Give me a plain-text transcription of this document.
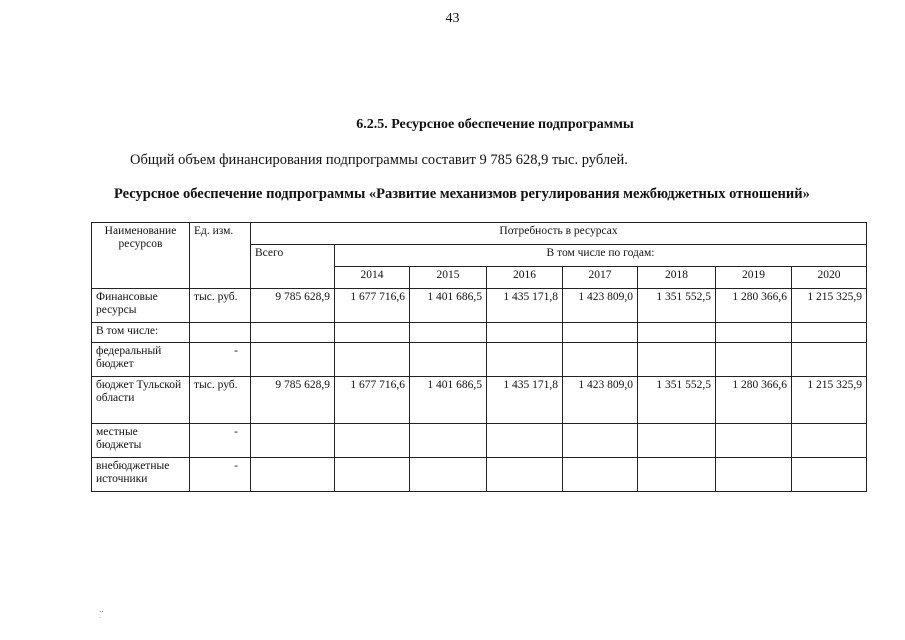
43
6.2.5. Ресурсное обеспечение подпрограммы
Общий объем финансирования подпрограммы составит 9 785 628,9 тыс. рублей.
Ресурсное обеспечение подпрограммы «Развитие механизмов регулирования межбюджетных отношений»
Наименование ресурсов	Ед. изм.	Потребность в ресурсах							
		Всего	В том числе по годам:						
			2014	2015	2016	2017	2018	2019	2020
Финансовые ресурсы	тыс. руб.	9 785 628,9	1 677 716,6	1 401 686,5	1 435 171,8	1 423 809,0	1 351 552,5	1 280 366,6	1 215 325,9
В том числе:									
федеральный бюджет	-								
бюджет Тульской области	тыс. руб.	9 785 628,9	1 677 716,6	1 401 686,5	1 435 171,8	1 423 809,0	1 351 552,5	1 280 366,6	1 215 325,9
местные бюджеты	-								
внебюджетные источники	-								
‥
˙
